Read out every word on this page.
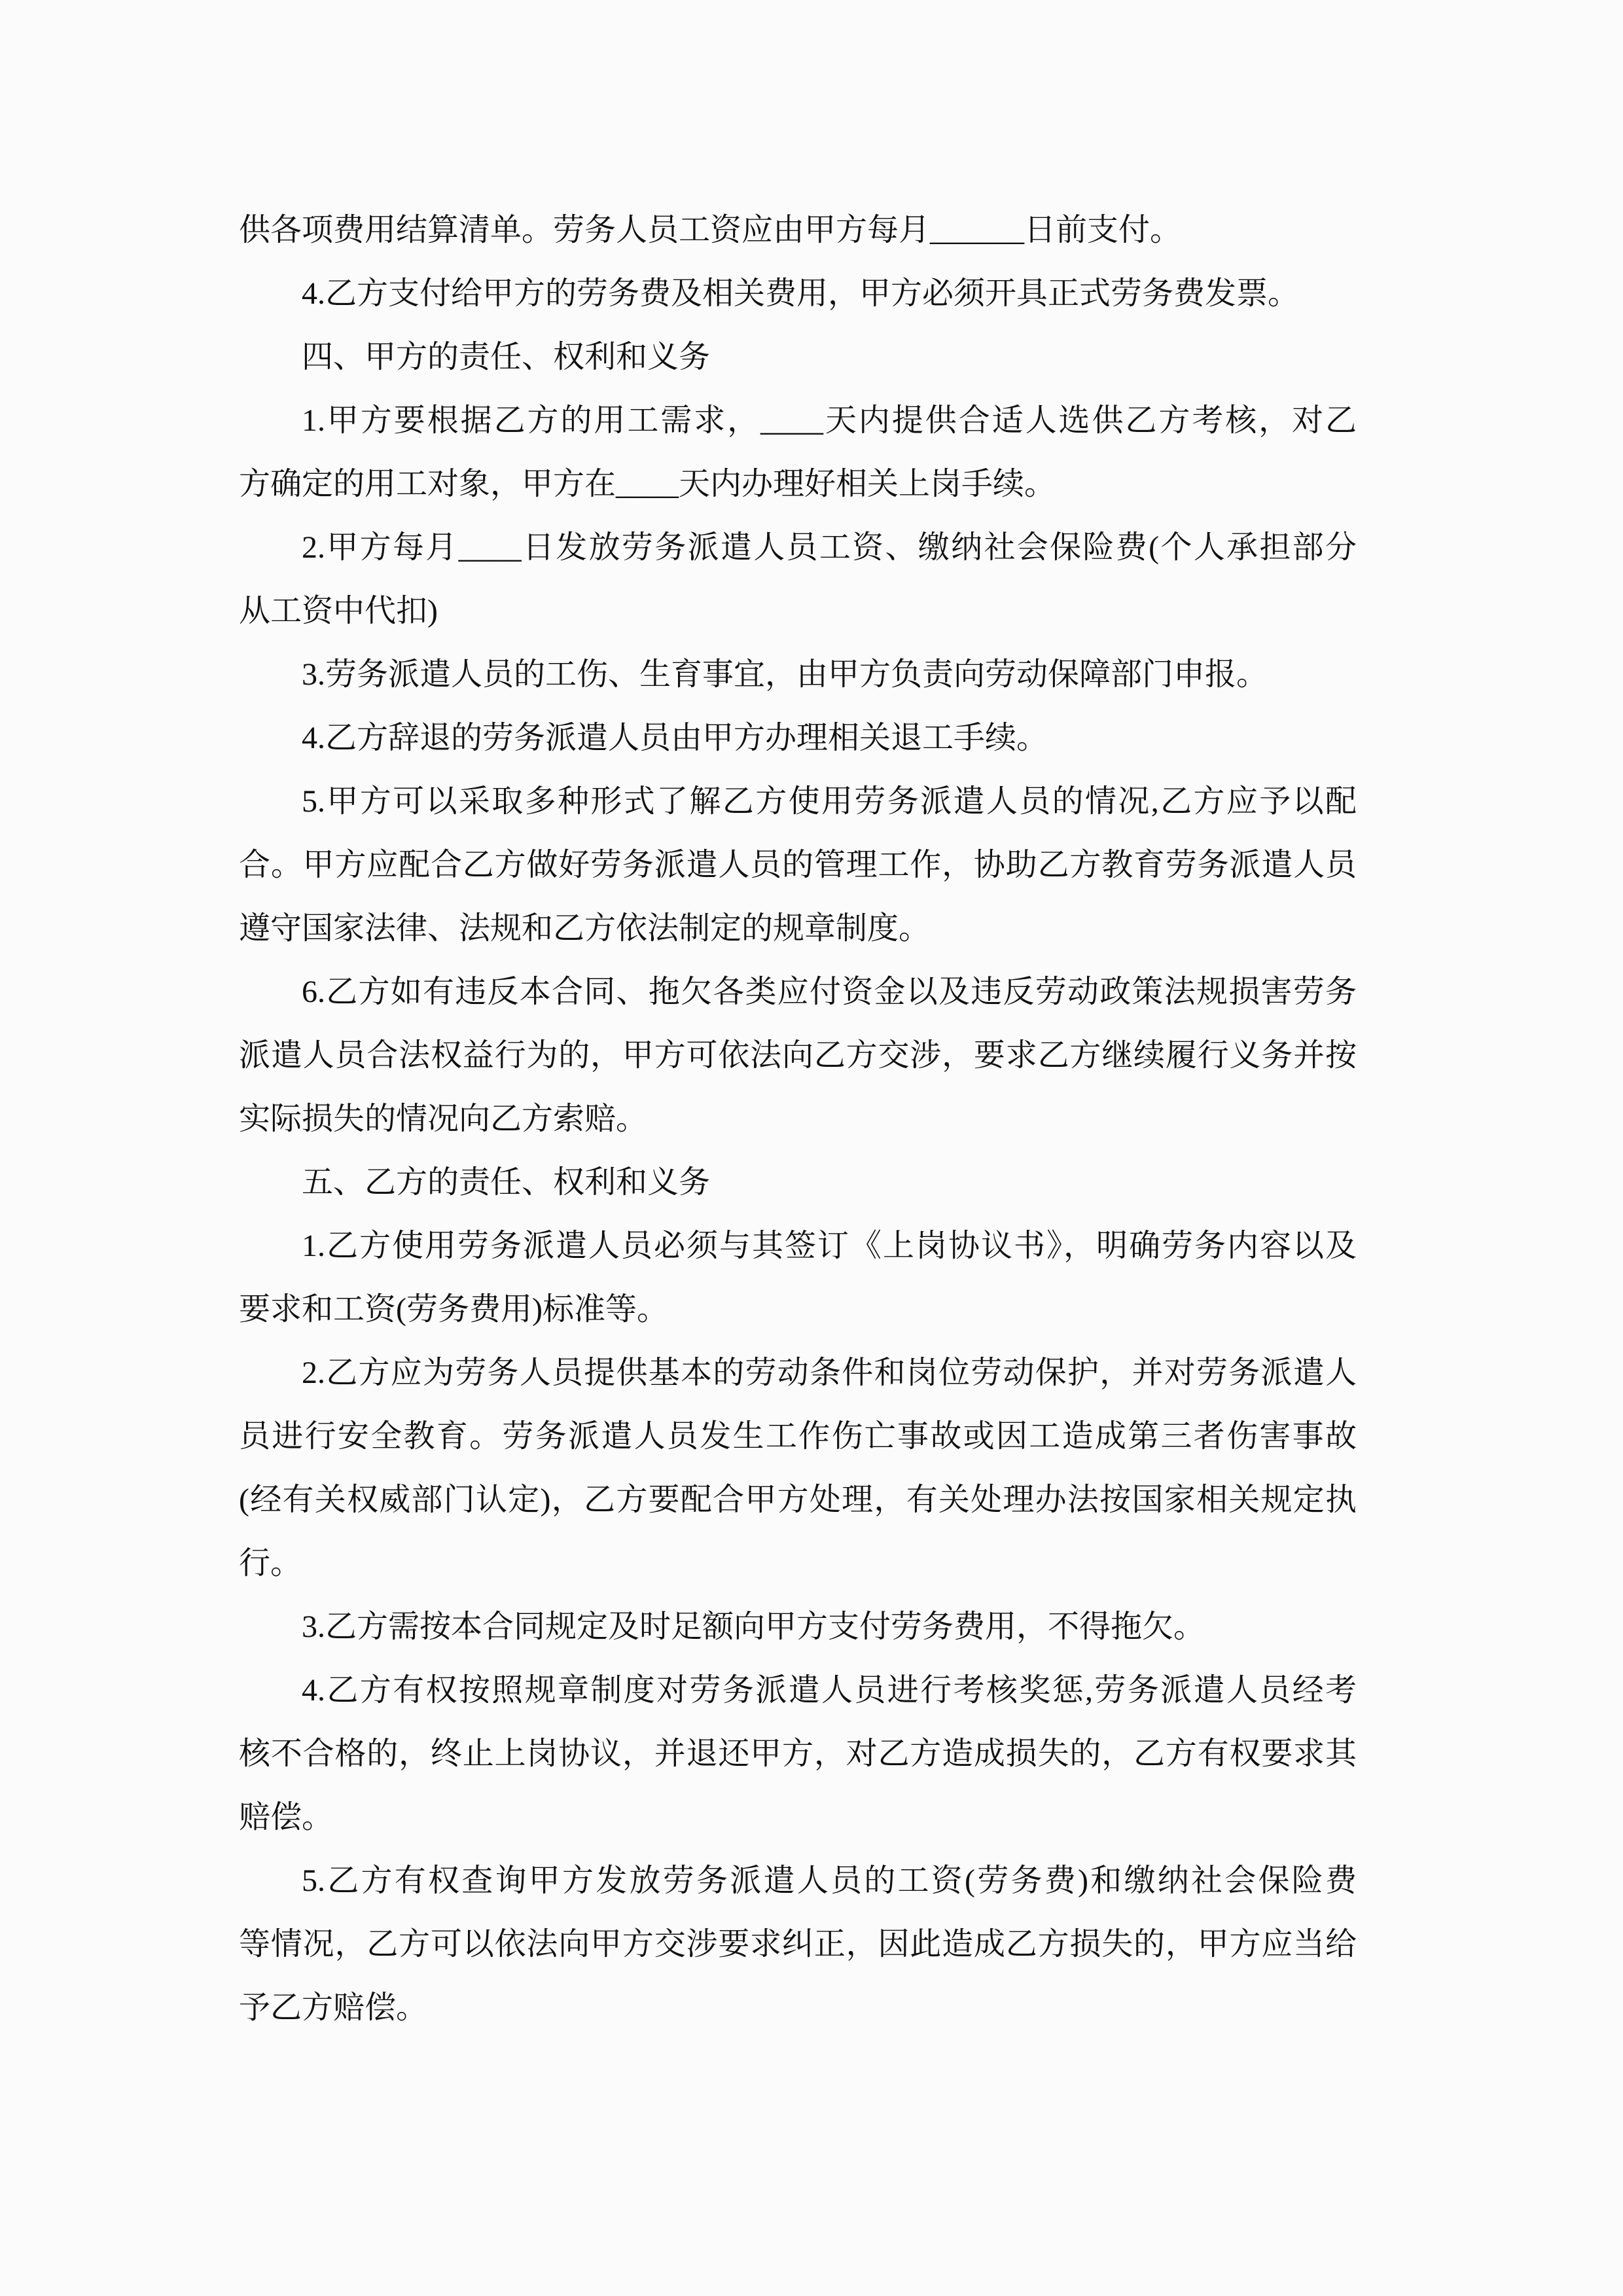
供各项费用结算清单。劳务人员工资应由甲方每月______日前支付。
4.乙方支付给甲方的劳务费及相关费用，甲方必须开具正式劳务费发票。
四、甲方的责任、权利和义务
1.甲方要根据乙方的用工需求，____天内提供合适人选供乙方考核，对乙
方确定的用工对象，甲方在____天内办理好相关上岗手续。
2.甲方每月____日发放劳务派遣人员工资、缴纳社会保险费(个人承担部分
从工资中代扣)
3.劳务派遣人员的工伤、生育事宜，由甲方负责向劳动保障部门申报。
4.乙方辞退的劳务派遣人员由甲方办理相关退工手续。
5.甲方可以采取多种形式了解乙方使用劳务派遣人员的情况,乙方应予以配
合。甲方应配合乙方做好劳务派遣人员的管理工作，协助乙方教育劳务派遣人员
遵守国家法律、法规和乙方依法制定的规章制度。
6.乙方如有违反本合同、拖欠各类应付资金以及违反劳动政策法规损害劳务
派遣人员合法权益行为的，甲方可依法向乙方交涉，要求乙方继续履行义务并按
实际损失的情况向乙方索赔。
五、乙方的责任、权利和义务
1.乙方使用劳务派遣人员必须与其签订《上岗协议书》，明确劳务内容以及
要求和工资(劳务费用)标准等。
2.乙方应为劳务人员提供基本的劳动条件和岗位劳动保护，并对劳务派遣人
员进行安全教育。劳务派遣人员发生工作伤亡事故或因工造成第三者伤害事故
(经有关权威部门认定)，乙方要配合甲方处理，有关处理办法按国家相关规定执
行。
3.乙方需按本合同规定及时足额向甲方支付劳务费用，不得拖欠。
4.乙方有权按照规章制度对劳务派遣人员进行考核奖惩,劳务派遣人员经考
核不合格的，终止上岗协议，并退还甲方，对乙方造成损失的，乙方有权要求其
赔偿。
5.乙方有权查询甲方发放劳务派遣人员的工资(劳务费)和缴纳社会保险费
等情况，乙方可以依法向甲方交涉要求纠正，因此造成乙方损失的，甲方应当给
予乙方赔偿。
